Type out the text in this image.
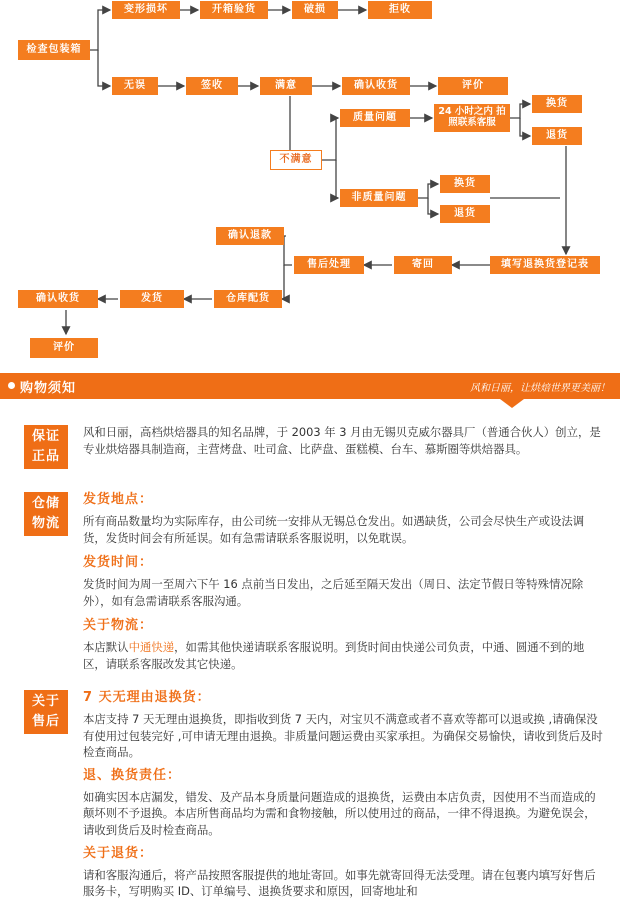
检查包装箱
变形损坏	开箱验货	破损	拒收
无误	签收	满意	确认收货	评价
不满意
质量问题
24 小时之内 拍照联系客服
换货
退货
非质量问题
换货
退货
填写退换货登记表
寄回
售后处理
确认退款
仓库配货
发货
确认收货
评价
购物须知	风和日丽，让烘焙世界更美丽！
保证
正品
风和日丽，高档烘焙器具的知名品牌，于 2003 年 3 月由无锡贝克威尔器具厂（普通合伙人）创立，是专业烘焙器具制造商，主营烤盘、吐司盒、比萨盘、蛋糕模、台车、慕斯圈等烘焙器具。
仓储
物流
发货地点：
所有商品数量均为实际库存，由公司统一安排从无锡总仓发出。如遇缺货，公司会尽快生产或设法调货，发货时间会有所延误。如有急需请联系客服说明，以免耽误。
发货时间：
发货时间为周一至周六下午 16 点前当日发出，之后延至隔天发出（周日、法定节假日等特殊情况除外），如有急需请联系客服沟通。
关于物流：
本店默认中通快递，如需其他快递请联系客服说明。到货时间由快递公司负责，中通、圆通不到的地区，请联系客服改发其它快递。
关于
售后
7 天无理由退换货：
本店支持 7 天无理由退换货，即指收到货 7 天内，对宝贝不满意或者不喜欢等都可以退或换 ,请确保没有使用过包装完好 ,可申请无理由退换。非质量问题运费由买家承担。为确保交易愉快，请收到货后及时检查商品。
退、换货责任：
如确实因本店漏发，错发、及产品本身质量问题造成的退换货，运费由本店负责，因使用不当而造成的颠坏则不予退换。本店所售商品均为需和食物接触，所以使用过的商品，一律不得退换。为避免误会，请收到货后及时检查商品。
关于退货：
请和客服沟通后，将产品按照客服提供的地址寄回。如事先就寄回得无法受理。请在包裹内填写好售后服务卡，写明购买 ID、订单编号、退换货要求和原因，回寄地址和
